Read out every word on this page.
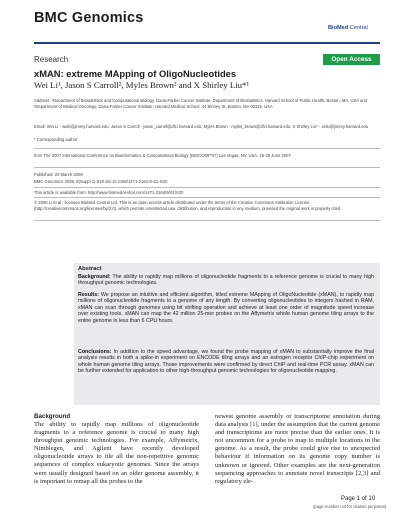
BMC Genomics
BioMed Central
Research	Open Access
xMAN: extreme MApping of OligoNucleotides
Wei Li¹, Jason S Carroll², Myles Brown² and X Shirley Liu*¹
Address: ¹Department of Biostatistics and Computational Biology, Dana-Farber Cancer Institute; Department of Biostatistics, Harvard School of Public Health, Boston, MA, USA and ²Department of Medical Oncology, Dana-Farber Cancer Institute; Harvard Medical School, 44 Binney St, Boston, MA 02115, USA
Email: Wei Li - weili@jimmy.harvard.edu; Jason S Carroll - jason_carroll@dfci.harvard.edu; Myles Brown - myles_brown@dfci.harvard.edu; X Shirley Liu* - xsliu@jimmy.harvard.edu
* Corresponding author
from The 2007 International Conference on Bioinformatics & Computational Biology (BIOCOMP'07) Las Vegas, NV, USA. 25-28 June 2007
Published: 20 March 2008
BMC Genomics 2008, 9(Suppl 1):S20 doi:10.1186/1471-2164-9-S1-S20
This article is available from: http://www.biomedcentral.com/1471-2164/9/S1/S20
© 2008 Li et al.; licensee BioMed Central Ltd. This is an open access article distributed under the terms of the Creative Commons Attribution License (http://creativecommons.org/licenses/by/2.0), which permits unrestricted use, distribution, and reproduction in any medium, provided the original work is properly cited.
Abstract
Background: The ability to rapidly map millions of oligonucleotide fragments to a reference genome is crucial to many high throughput genomic technologies.
Results: We propose an intuitive and efficient algorithm, titled extreme MApping of OligoNucleotide (xMAN), to rapidly map millions of oligonucleotide fragments to a genome of any length. By converting oligonucleotides to integers hashed in RAM, xMAN can scan through genomes using bit shifting operation and achieve at least one order of magnitude speed increase over existing tools. xMAN can map the 42 million 25-mer probes on the Affymetrix whole human genome tiling arrays to the entire genome in less than 6 CPU hours.
Conclusions: In addition to the speed advantage, we found the probe mapping of xMAN to substantially improve the final analysis results in both a spike-in experiment on ENCODE tiling arrays and an estrogen receptor ChIP-chip experiment on whole human genome tiling arrays. Those improvements were confirmed by direct ChIP and real-time PCR assay. xMAN can be further extended for application to other high-throughput genomic technologies for oligonucleotide mapping.
Background
The ability to rapidly map millions of oligonucleotide fragments to a reference genome is crucial to many high throughput genomic technologies. For example, Affymetrix, Nimblegen, and Agilent have recently developed oligonucleotide arrays to tile all the non-repetitive genomic sequences of complex eukaryotic genomes. Since the arrays were usually designed based on an older genome assembly, it is important to remap all the probes to the
newest genome assembly or transcriptome annotation during data analysis [1], under the assumption that the current genome and transcriptome are more precise than the earlier ones. It is not uncommon for a probe to map to multiple locations in the genome. As a result, the probe could give rise to unexpected behaviour if information on its genome copy number is unknown or ignored. Other examples are the next-generation sequencing approaches to annotate novel transcripts [2,3] and regulatory ele-
Page 1 of 10
(page number not for citation purposes)
